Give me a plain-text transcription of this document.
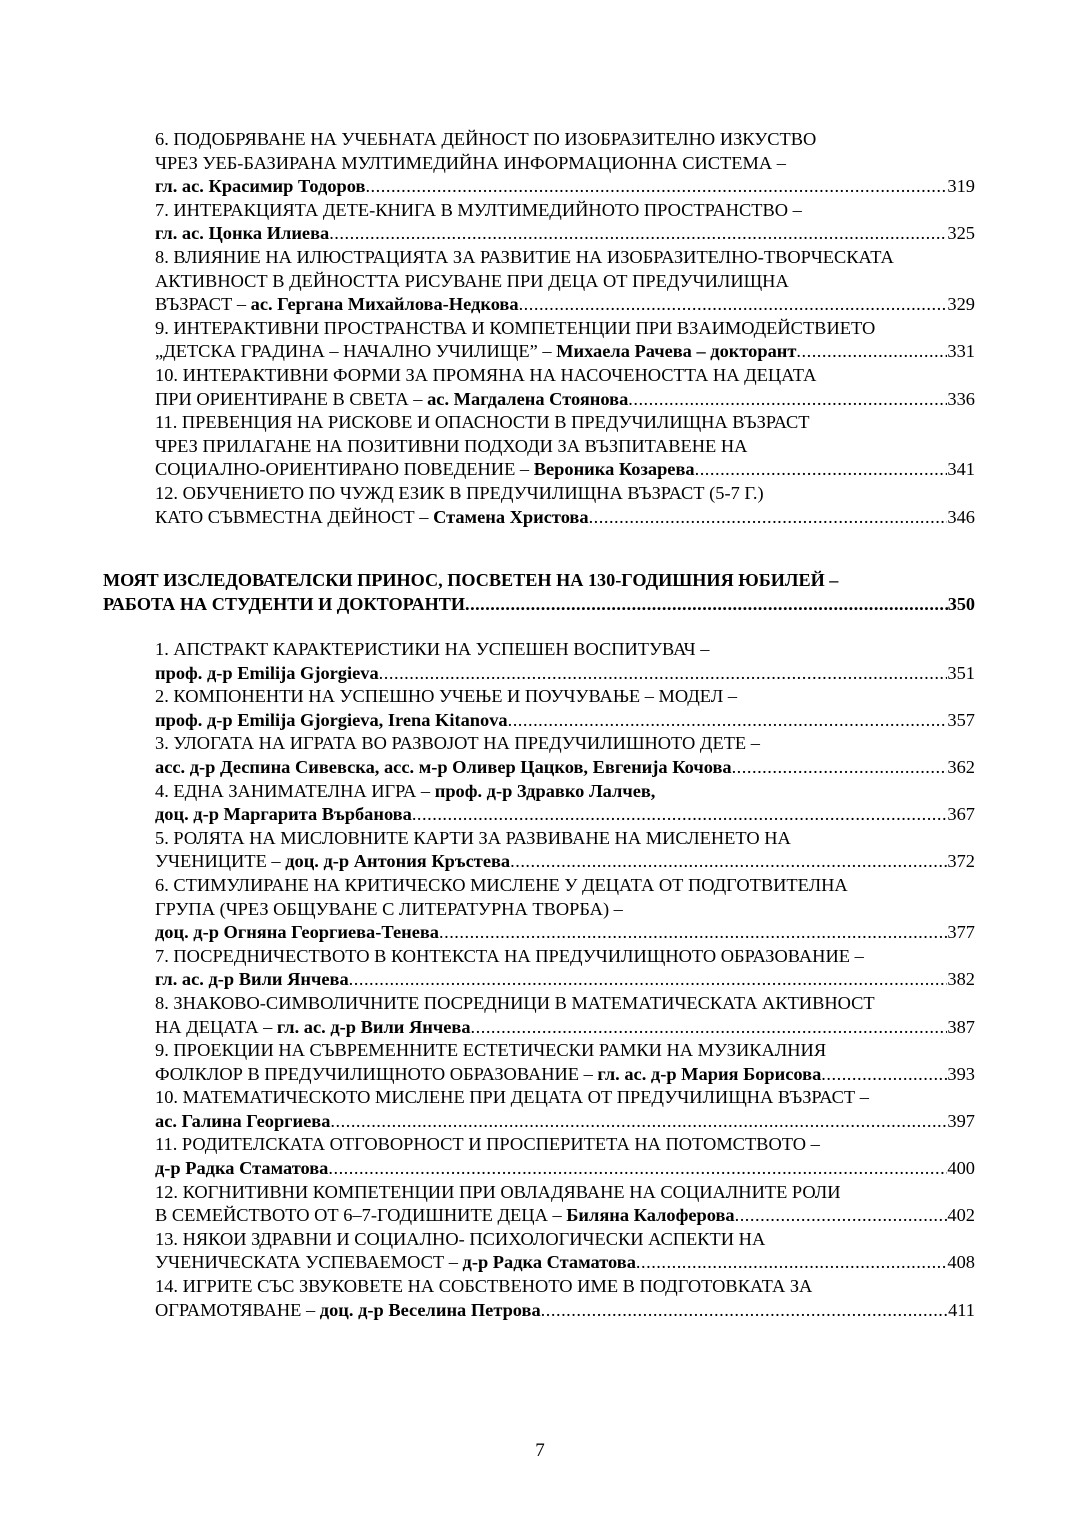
6. ПОДОБРЯВАНЕ НА УЧЕБНАТА ДЕЙНОСТ ПО ИЗОБРАЗИТЕЛНО ИЗКУСТВО
ЧРЕЗ УЕБ-БАЗИРАНА МУЛТИМЕДИЙНА ИНФОРМАЦИОННА СИСТЕМА –
гл. ас. Красимир Тодоров .....	319
7. ИНТЕРАКЦИЯТА ДЕТЕ-КНИГА В МУЛТИМЕДИЙНОТО ПРОСТРАНСТВО –
гл. ас. Цонка Илиева .....	325
8. ВЛИЯНИЕ НА ИЛЮСТРАЦИЯТА ЗА РАЗВИТИЕ НА ИЗОБРАЗИТЕЛНО-ТВОРЧЕСКАТА
АКТИВНОСТ В ДЕЙНОСТТА РИСУВАНЕ ПРИ ДЕЦА ОТ ПРЕДУЧИЛИЩНА
ВЪЗРАСТ – ас. Гергана Михайлова-Недкова .....	329
9. ИНТЕРАКТИВНИ ПРОСТРАНСТВА И КОМПЕТЕНЦИИ ПРИ ВЗАИМОДЕЙСТВИЕТО
„ДЕТСКА ГРАДИНА – НАЧАЛНО УЧИЛИЩЕ” – Михаела Рачева – докторант .....	331
10. ИНТЕРАКТИВНИ ФОРМИ ЗА ПРОМЯНА НА НАСОЧЕНОСТТА НА ДЕЦАТА
ПРИ ОРИЕНТИРАНЕ В СВЕТА – ас. Магдалена Стоянова .....	336
11. ПРЕВЕНЦИЯ НА РИСКОВЕ И ОПАСНОСТИ В ПРЕДУЧИЛИЩНА ВЪЗРАСТ
ЧРЕЗ ПРИЛАГАНЕ НА ПОЗИТИВНИ ПОДХОДИ ЗА ВЪЗПИТАВЕНЕ НА
СОЦИАЛНО-ОРИЕНТИРАНО ПОВЕДЕНИЕ – Вероника Козарева .....	341
12. ОБУЧЕНИЕТО ПО ЧУЖД ЕЗИК В ПРЕДУЧИЛИЩНА ВЪЗРАСТ (5-7 Г.)
КАТО СЪВМЕСТНА ДЕЙНОСТ – Стамена Христова .....	346
МОЯТ ИЗСЛЕДОВАТЕЛСКИ ПРИНОС, ПОСВЕТЕН НА 130-ГОДИШНИЯ ЮБИЛЕЙ –
РАБОТА НА СТУДЕНТИ И ДОКТОРАНТИ .....	350
1. АПСТРАКТ КАРАКТЕРИСТИКИ НА УСПЕШЕН ВОСПИТУВАЧ –
проф. д-р Emilija Gjorgieva .....	351
2. КОМПОНЕНТИ НА УСПЕШНО УЧЕЊЕ И ПОУЧУВАЊЕ – МОДЕЛ –
проф. д-р Emilija Gjorgieva, Irena Kitanova .....	357
3. УЛОГАТА НА ИГРАТА ВО РАЗВОЈОТ НА ПРЕДУЧИЛИШНОТО ДЕТЕ –
асс. д-р Деспина Сивевска, асс. м-р Оливер Цацков, Евгенија Кочова .....	362
4. ЕДНА ЗАНИМАТЕЛНА ИГРА – проф. д-р Здравко Лалчев,
доц. д-р Маргарита Върбанова .....	367
5. РОЛЯТА НА МИСЛОВНИТЕ КАРТИ ЗА РАЗВИВАНЕ НА МИСЛЕНЕТО НА
УЧЕНИЦИТЕ – доц. д-р Антония Кръстева .....	372
6. СТИМУЛИРАНЕ НА КРИТИЧЕСКО МИСЛЕНЕ У ДЕЦАТА ОТ ПОДГОТВИТЕЛНА
ГРУПА (ЧРЕЗ ОБЩУВАНЕ С ЛИТЕРАТУРНА ТВОРБА) –
доц. д-р Огняна Георгиева-Тенева .....	377
7. ПОСРЕДНИЧЕСТВОТО В КОНТЕКСТА НА ПРЕДУЧИЛИЩНОТО ОБРАЗОВАНИЕ –
гл. ас. д-р Вили Янчева .....	382
8. ЗНАКОВО-СИМВОЛИЧНИТЕ ПОСРЕДНИЦИ В МАТЕМАТИЧЕСКАТА АКТИВНОСТ
НА ДЕЦАТА – гл. ас. д-р Вили Янчева .....	387
9. ПРОЕКЦИИ НА СЪВРЕМЕННИТЕ ЕСТЕТИЧЕСКИ РАМКИ НА МУЗИКАЛНИЯ
ФОЛКЛОР В ПРЕДУЧИЛИЩНОТО ОБРАЗОВАНИЕ – гл. ас. д-р Мария Борисова .....	393
10. МАТЕМАТИЧЕСКОТО МИСЛЕНЕ ПРИ ДЕЦАТА ОТ ПРЕДУЧИЛИЩНА ВЪЗРАСТ –
ас. Галина Георгиева .....	397
11. РОДИТЕЛСКАТА ОТГОВОРНОСТ И ПРОСПЕРИТЕТА НА ПОТОМСТВОТО –
д-р Радка Стаматова .....	400
12. КОГНИТИВНИ КОМПЕТЕНЦИИ ПРИ ОВЛАДЯВАНЕ НА СОЦИАЛНИТЕ РОЛИ
В СЕМЕЙСТВОТО ОТ 6–7-ГОДИШНИТЕ ДЕЦА – Биляна Калоферова .....	402
13. НЯКОИ ЗДРАВНИ И СОЦИАЛНО- ПСИХОЛОГИЧЕСКИ АСПЕКТИ НА
УЧЕНИЧЕСКАТА УСПЕВАЕМОСТ – д-р Радка Стаматова .....	408
14. ИГРИТЕ СЪС ЗВУКОВЕТЕ НА СОБСТВЕНОТО ИМЕ В ПОДГОТОВКАТА ЗА
ОГРАМОТЯВАНЕ – доц. д-р Веселина Петрова .....	411
7
